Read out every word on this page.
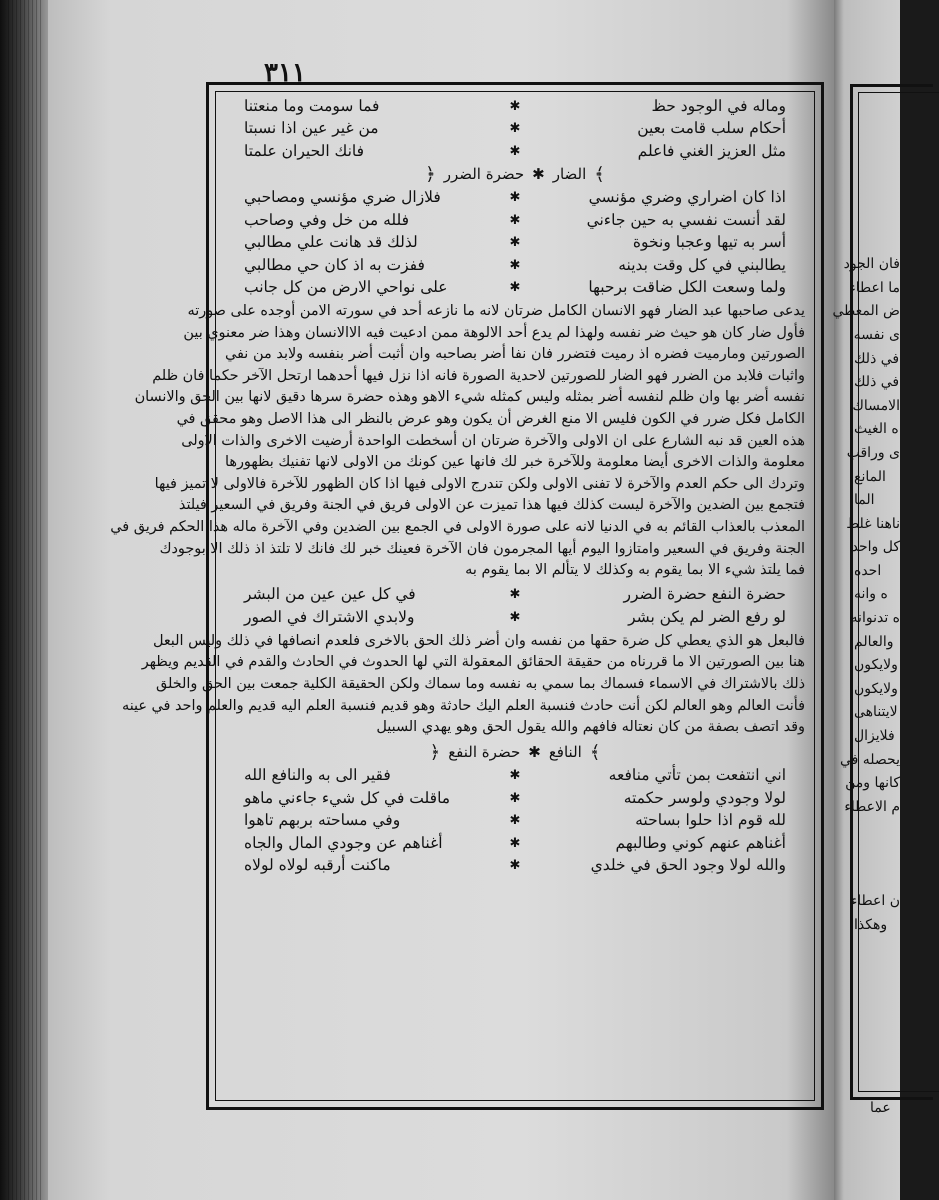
٣١١
وماله في الوجود حظ
✱
فما سومت وما منعتنا
أحكام سلب قامت بعين
✱
من غير عين اذا نسبتا
مثل العزيز الغني فاعلم
✱
فانك الحيران علمتا
﴾
الضار
✱
حضرة الضرر
﴿
اذا كان اضراري وضري مؤنسي
✱
فلازال ضري مؤنسي ومصاحبي
لقد أنست نفسي به حين جاءني
✱
فلله من خل وفي وصاحب
أسر به تيها وعجبا ونخوة
✱
لذلك قد هانت علي مطالبي
يطالبني في كل وقت بدينه
✱
ففزت به اذ كان حي مطالبي
ولما وسعت الكل ضاقت برحبها
✱
على نواحي الارض من كل جانب
يدعى صاحبها عبد الضار فهو الانسان الكامل ضرتان لانه ما نازعه أحد في سورته الامن أوجده على صورته
فأول ضار كان هو حيث ضر نفسه ولهذا لم يدع أحد الالوهة ممن ادعيت فيه الاالانسان وهذا ضر معنوي بين
الصورتين ومارميت فضره اذ رميت فتضرر فان نفا أضر بصاحبه وان أثبت أضر بنفسه ولابد من نفي
واثبات فلابد من الضرر فهو الضار للصورتين لاحدية الصورة فانه اذا نزل فيها أحدهما ارتحل الآخر حكما فان ظلم
نفسه أضر بها وان ظلم لنفسه أضر بمثله وليس كمثله شيء الاهو وهذه حضرة سرها دقيق لانها بين الحق والانسان
الكامل فكل ضرر في الكون فليس الا منع الغرض أن يكون وهو عرض بالنظر الى هذا الاصل وهو محقق في
هذه العين قد نبه الشارع على ان الاولى والآخرة ضرتان ان أسخطت الواحدة أرضيت الاخرى والذات الاولى
معلومة والذات الاخرى أيضا معلومة وللآخرة خبر لك فانها عين كونك من الاولى لانها تفنيك بظهورها
وتردك الى حكم العدم والآخرة لا تفنى الاولى ولكن تندرج الاولى فيها اذا كان الظهور للآخرة فالاولى لا تميز فيها
فتجمع بين الضدين والآخرة ليست كذلك فيها هذا تميزت عن الاولى فريق في الجنة وفريق في السعير فيلتذ
المعذب بالعذاب القائم به في الدنيا لانه على صورة الاولى في الجمع بين الضدين وفي الآخرة ماله هذا الحكم فريق في
الجنة وفريق في السعير وامتازوا اليوم أيها المجرمون فان الآخرة فعينك خبر لك فانك لا تلتذ اذ ذلك الا بوجودك
فما يلتذ شيء الا بما يقوم به وكذلك لا يتألم الا بما يقوم به
حضرة النفع حضرة الضرر
✱
في كل عين عين من البشر
لو رفع الضر لم يكن بشر
✱
ولابدي الاشتراك في الصور
فالبعل هو الذي يعطي كل ضرة حقها من نفسه وان أضر ذلك الحق بالاخرى فلعدم انصافها في ذلك وليس البعل
هنا بين الصورتين الا ما قررناه من حقيقة الحقائق المعقولة التي لها الحدوث في الحادث والقدم في القديم ويظهر
ذلك بالاشتراك في الاسماء فسماك بما سمي به نفسه وما سماك ولكن الحقيقة الكلية جمعت بين الحق والخلق
فأنت العالم وهو العالم لكن أنت حادث فنسبة العلم اليك حادثة وهو قديم فنسبة العلم اليه قديم والعلم واحد في عينه
وقد اتصف بصفة من كان نعتاله فافهم والله يقول الحق وهو يهدي السبيل
﴾
النافع
✱
حضرة النفع
﴿
اني انتفعت بمن تأتي منافعه
✱
فقير الى به والنافع الله
لولا وجودي ولوسر حكمته
✱
ماقلت في كل شيء جاءني ماهو
لله قوم اذا حلوا بساحته
✱
وفي مساحته بربهم تاهوا
أغناهم عنهم كوني وطالبهم
✱
أغناهم عن وجودي المال والجاه
والله لولا وجود الحق في خلدي
✱
ماكنت أرقبه لولاه لولاه
فان الجود
ما اعطاء
ض المعطي
ى نفسه
في ذلك
في ذلك
الامساك
ه الغيث
ى وراقب
المانع
الما
ناهنا غلط
كل واحد
احده
ه وانه
ه تدنوانه
والعالم
ولايكون
ولايكون
لايتناهى
فلايزال
يحصله في
كانها ومن
م الاعطاء
ن اعطاء
وهكذا
عما
